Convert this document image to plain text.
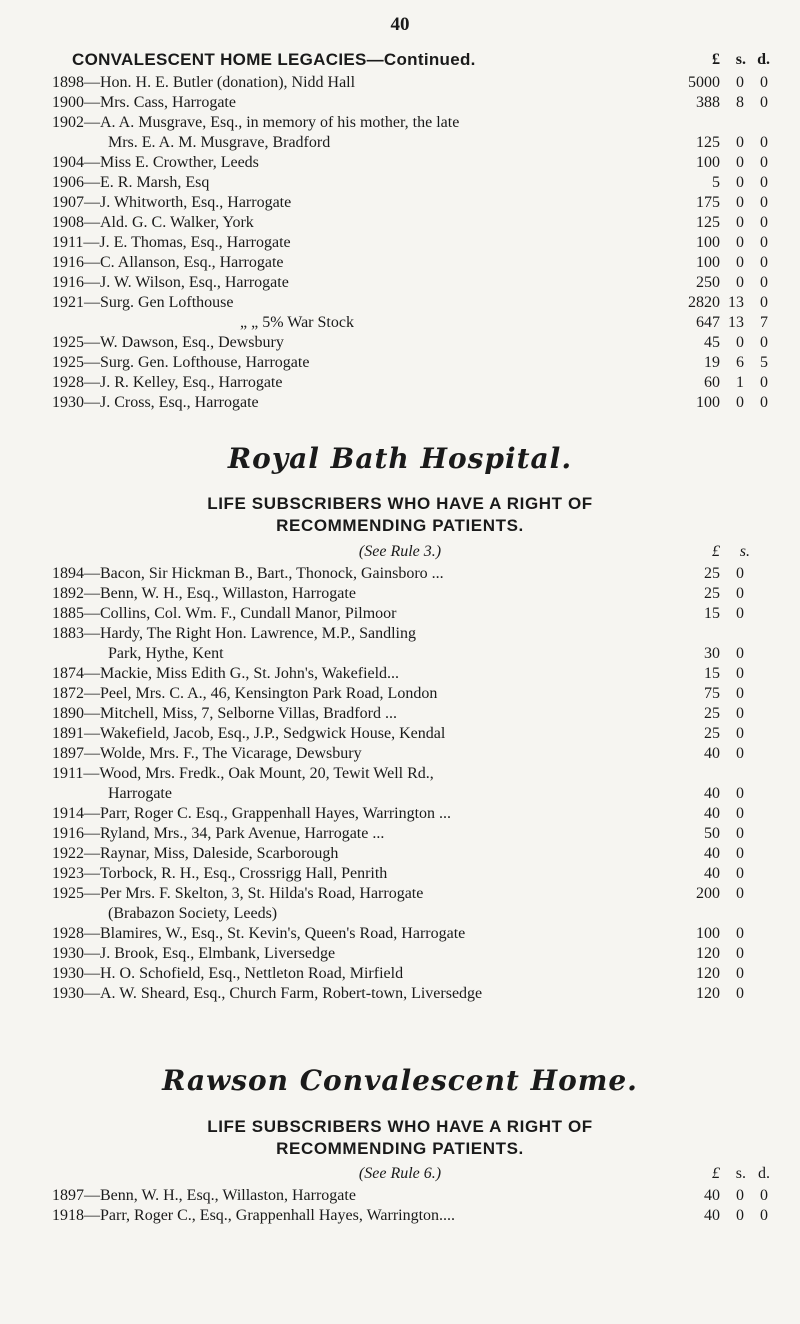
40
CONVALESCENT HOME LEGACIES—Continued.	£ s. d.
1898—Hon. H. E. Butler (donation), Nidd Hall	5000	0	0
1900—Mrs. Cass, Harrogate	388	8	0
1902—A. A. Musgrave, Esq., in memory of his mother, the late
Mrs. E. A. M. Musgrave, Bradford	125	0	0
1904—Miss E. Crowther, Leeds	100	0	0
1906—E. R. Marsh, Esq	5	0	0
1907—J. Whitworth, Esq., Harrogate	175	0	0
1908—Ald. G. C. Walker, York	125	0	0
1911—J. E. Thomas, Esq., Harrogate	100	0	0
1916—C. Allanson, Esq., Harrogate	100	0	0
1916—J. W. Wilson, Esq., Harrogate	250	0	0
1921—Surg. Gen Lofthouse	2820 13	0
„ „ 5% War Stock	647 13	7
1925—W. Dawson, Esq., Dewsbury	45	0	0
1925—Surg. Gen. Lofthouse, Harrogate	19	6	5
1928—J. R. Kelley, Esq., Harrogate	60	1	0
1930—J. Cross, Esq., Harrogate	100	0	0
Royal Bath Hospital.
LIFE SUBSCRIBERS WHO HAVE A RIGHT OF RECOMMENDING PATIENTS.
(See Rule 3.)	£	s.
1894—Bacon, Sir Hickman B., Bart., Thonock, Gainsboro ...	25	0
1892—Benn, W. H., Esq., Willaston, Harrogate	25	0
1885—Collins, Col. Wm. F., Cundall Manor, Pilmoor	15	0
1883—Hardy, The Right Hon. Lawrence, M.P., Sandling
Park, Hythe, Kent	30	0
1874—Mackie, Miss Edith G., St. John's, Wakefield...	15	0
1872—Peel, Mrs. C. A., 46, Kensington Park Road, London	75	0
1890—Mitchell, Miss, 7, Selborne Villas, Bradford ...	25	0
1891—Wakefield, Jacob, Esq., J.P., Sedgwick House, Kendal	25	0
1897—Wolde, Mrs. F., The Vicarage, Dewsbury	40	0
1911—Wood, Mrs. Fredk., Oak Mount, 20, Tewit Well Rd.,
Harrogate	40	0
1914—Parr, Roger C. Esq., Grappenhall Hayes, Warrington ...	40	0
1916—Ryland, Mrs., 34, Park Avenue, Harrogate ...	50	0
1922—Raynar, Miss, Daleside, Scarborough	40	0
1923—Torbock, R. H., Esq., Crossrigg Hall, Penrith	40	0
1925—Per Mrs. F. Skelton, 3, St. Hilda's Road, Harrogate	200	0
(Brabazon Society, Leeds)
1928—Blamires, W., Esq., St. Kevin's, Queen's Road, Harrogate	100	0
1930—J. Brook, Esq., Elmbank, Liversedge	120	0
1930—H. O. Schofield, Esq., Nettleton Road, Mirfield	120	0
1930—A. W. Sheard, Esq., Church Farm, Robert-town, Liversedge	120	0
Rawson Convalescent Home.
LIFE SUBSCRIBERS WHO HAVE A RIGHT OF RECOMMENDING PATIENTS.
(See Rule 6.)	£ s. d.
1897—Benn, W. H., Esq., Willaston, Harrogate	40	0	0
1918—Parr, Roger C., Esq., Grappenhall Hayes, Warrington....	40	0	0
